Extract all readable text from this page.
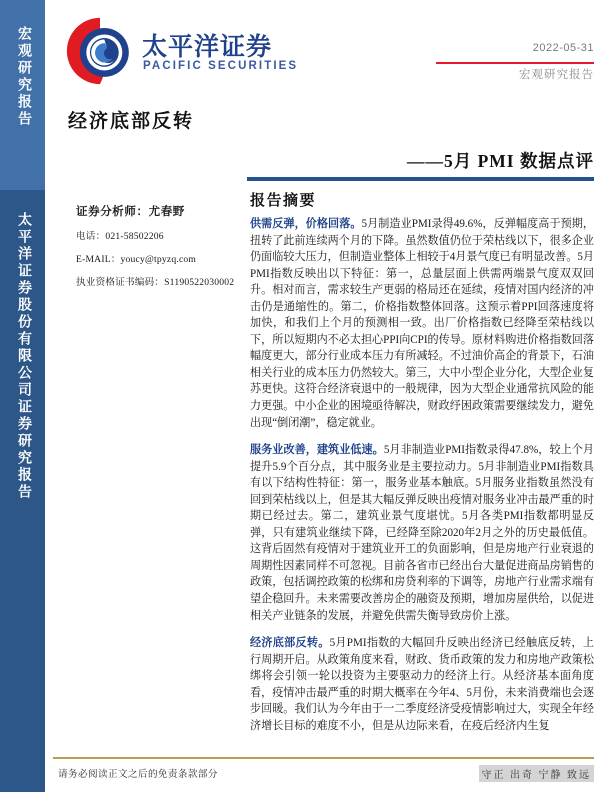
宏观研究报告
太平洋证券股份有限公司证券研究报告
太平洋证券
PACIFIC SECURITIES
2022-05-31
宏观研究报告
经济底部反转
——5月 PMI 数据点评
证券分析师：尤春野
电话：021-58502206
E-MAIL：youcy@tpyzq.com
执业资格证书编码：S1190522030002
报告摘要

供需反弹，价格回落。5月制造业PMI录得49.6%，反弹幅度高于预期，扭转了此前连续两个月的下降。虽然数值仍位于荣枯线以下，很多企业仍面临较大压力，但制造业整体上相较于4月景气度已有明显改善。5月PMI指数反映出以下特征：第一，总量层面上供需两端景气度双双回升。相对而言，需求较生产更弱的格局还在延续，疫情对国内经济的冲击仍是通缩性的。第二，价格指数整体回落。这预示着PPI回落速度将加快，和我们上个月的预测相一致。出厂价格指数已经降至荣枯线以下，所以短期内不必太担心PPI向CPI的传导。原材料购进价格指数回落幅度更大，部分行业成本压力有所减轻。不过油价高企的背景下，石油相关行业的成本压力仍然较大。第三，大中小型企业分化，大型企业复苏更快。这符合经济衰退中的一般规律，因为大型企业通常抗风险的能力更强。中小企业的困境亟待解决，财政纾困政策需要继续发力，避免出现“倒闭潮”，稳定就业。

服务业改善，建筑业低速。5月非制造业PMI指数录得47.8%，较上个月提升5.9个百分点，其中服务业是主要拉动力。5月非制造业PMI指数具有以下结构性特征：第一，服务业基本触底。5月服务业指数虽然没有回到荣枯线以上，但是其大幅反弹反映出疫情对服务业冲击最严重的时期已经过去。第二，建筑业景气度堪忧。5月各类PMI指数都明显反弹，只有建筑业继续下降，已经降至除2020年2月之外的历史最低值。这背后固然有疫情对于建筑业开工的负面影响，但是房地产行业衰退的周期性因素同样不可忽视。目前各省市已经出台大量促进商品房销售的政策，包括调控政策的松绑和房贷利率的下调等，房地产行业需求端有望企稳回升。未来需要改善房企的融资及预期，增加房屋供给，以促进相关产业链条的发展，并避免供需失衡导致房价上涨。

经济底部反转。5月PMI指数的大幅回升反映出经济已经触底反转，上行周期开启。从政策角度来看，财政、货币政策的发力和房地产政策松绑将会引领一轮以投资为主要驱动力的经济上行。从经济基本面角度看，疫情冲击最严重的时期大概率在今年4、5月份，未来消费端也会逐步回暖。我们认为今年由于一二季度经济受疫情影响过大，实现全年经济增长目标的难度不小，但是从边际来看，在疫后经济内生复

请务必阅读正文之后的免责条款部分	守正 出奇 宁静 致远
